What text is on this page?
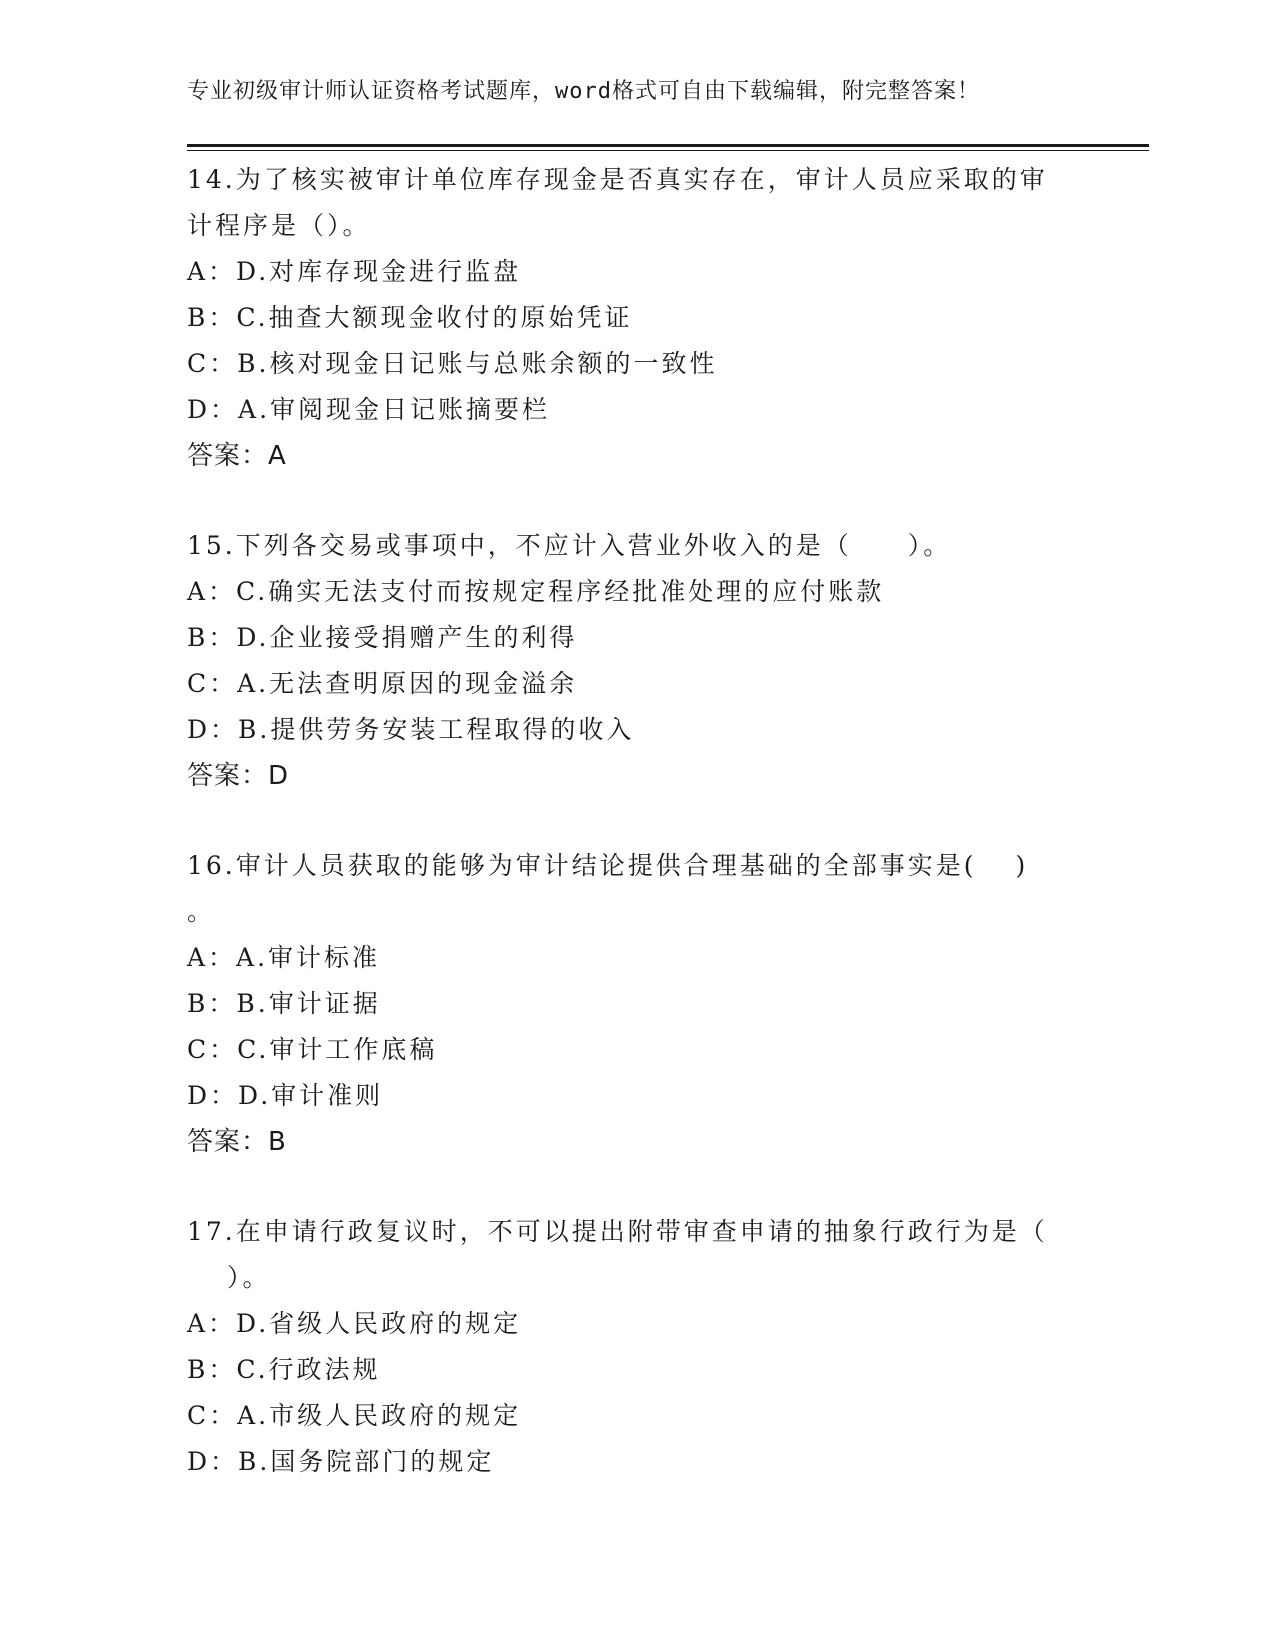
专业初级审计师认证资格考试题库，word格式可自由下载编辑，附完整答案！
14.为了核实被审计单位库存现金是否真实存在，审计人员应采取的审
计程序是（）。
A：D.对库存现金进行监盘
B：C.抽查大额现金收付的原始凭证
C：B.核对现金日记账与总账余额的一致性
D：A.审阅现金日记账摘要栏
答案：A
15.下列各交易或事项中，不应计入营业外收入的是（　　）。
A：C.确实无法支付而按规定程序经批准处理的应付账款
B：D.企业接受捐赠产生的利得
C：A.无法查明原因的现金溢余
D：B.提供劳务安装工程取得的收入
答案：D
16.审计人员获取的能够为审计结论提供合理基础的全部事实是(　 )
。
A：A.审计标准
B：B.审计证据
C：C.审计工作底稿
D：D.审计准则
答案：B
17.在申请行政复议时，不可以提出附带审查申请的抽象行政行为是（
）。
A：D.省级人民政府的规定
B：C.行政法规
C：A.市级人民政府的规定
D：B.国务院部门的规定
